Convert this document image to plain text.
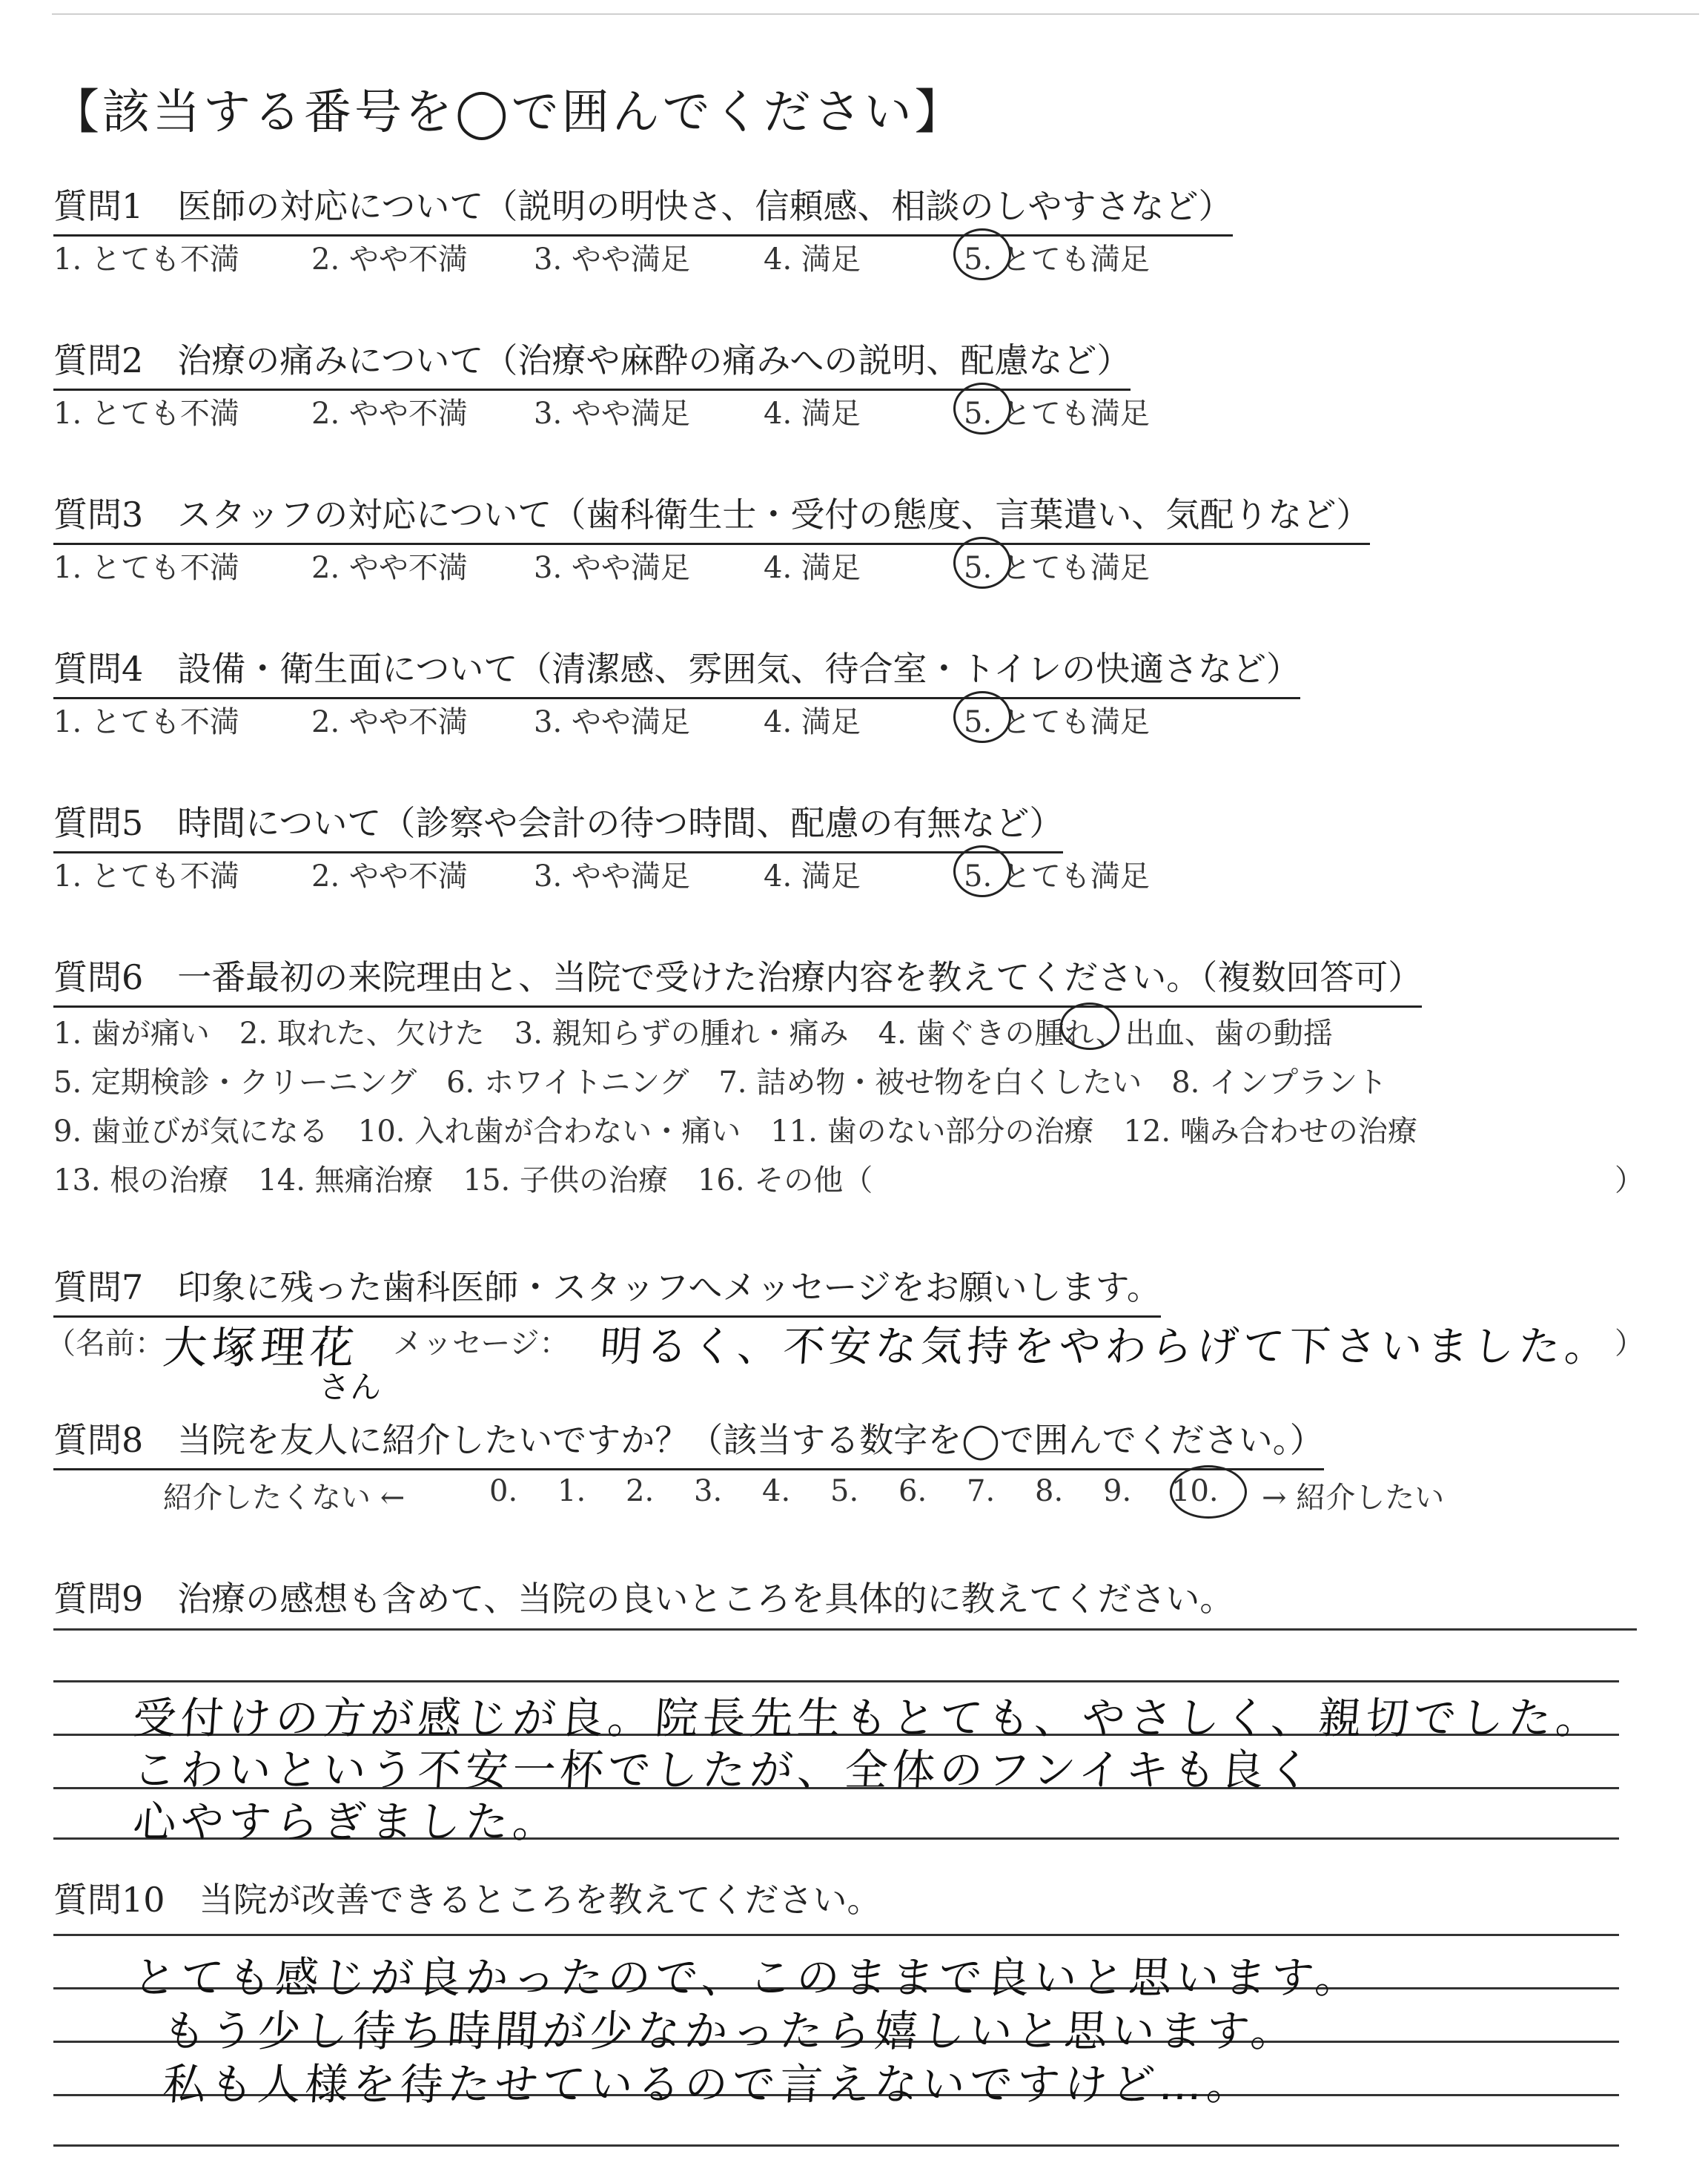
【該当する番号を◯で囲んでください】
質問1　医師の対応について（説明の明快さ、信頼感、相談のしやすさなど）
質問2　治療の痛みについて（治療や麻酔の痛みへの説明、配慮など）
質問3　スタッフの対応について（歯科衛生士・受付の態度、言葉遣い、気配りなど）
質問4　設備・衛生面について（清潔感、雰囲気、待合室・トイレの快適さなど）
質問5　時間について（診察や会計の待つ時間、配慮の有無など）
1. とても不満 2. やや不満 3. やや満足 4. 満足	5. とても満足
1. とても不満 2. やや不満 3. やや満足 4. 満足	5. とても満足
1. とても不満 2. やや不満 3. やや満足 4. 満足	5. とても満足
1. とても不満 2. やや不満 3. やや満足 4. 満足	5. とても満足
1. とても不満 2. やや不満 3. やや満足 4. 満足	5. とても満足
質問6　一番最初の来院理由と、当院で受けた治療内容を教えてください。（複数回答可）
1. 歯が痛い　2. 取れた、欠けた　3. 親知らずの腫れ・痛み　4. 歯ぐきの腫れ、出血、歯の動揺
5. 定期検診・クリーニング　6. ホワイトニング　7. 詰め物・被せ物を白くしたい　8. インプラント
9. 歯並びが気になる　10. 入れ歯が合わない・痛い　11. 歯のない部分の治療　12. 噛み合わせの治療
13. 根の治療　14. 無痛治療　15. 子供の治療　16. その他（	）
質問7　印象に残った歯科医師・スタッフへメッセージをお願いします。
（名前：
大塚理花
さん
メッセージ： 明るく、不安な気持をやわらげて下さいました。 ）
質問8　当院を友人に紹介したいですか？（該当する数字を◯で囲んでください。）
紹介したくない ←	0. 1. 2. 3. 4. 5. 6. 7. 8. 9. 10. → 紹介したい
質問9　治療の感想も含めて、当院の良いところを具体的に教えてください。
受付けの方が感じが良。院長先生もとても、やさしく、親切でした。
こわいという不安一杯でしたが、全体のフンイキも良く
心やすらぎました。
質問10　当院が改善できるところを教えてください。
とても感じが良かったので、このままで良いと思います。
もう少し待ち時間が少なかったら嬉しいと思います。
私も人様を待たせているので言えないですけど…。
